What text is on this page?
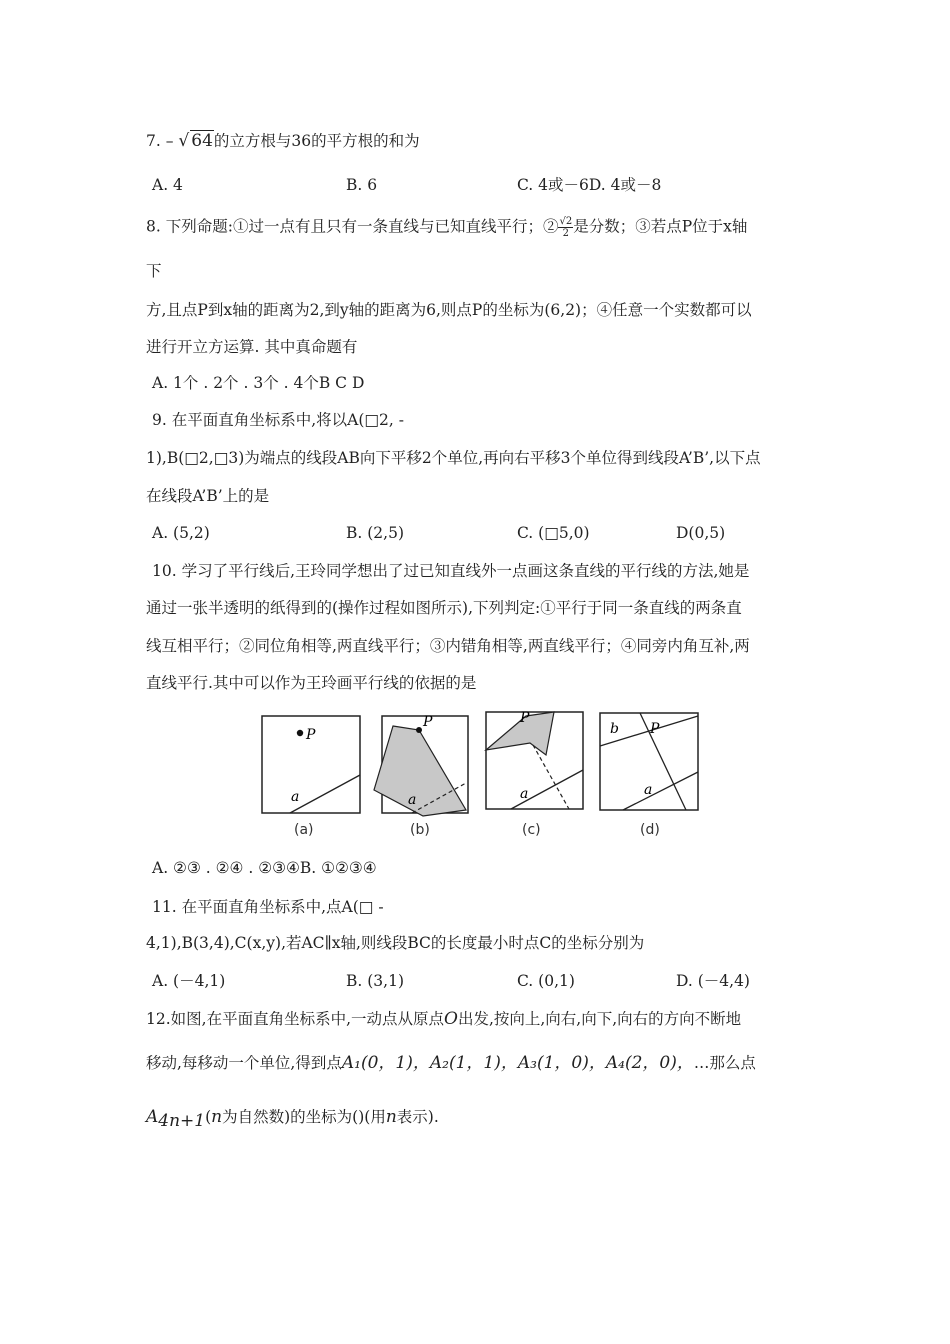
7. – √ 64的立方根与36的平方根的和为
A. 4	B. 6	C. 4或－6D. 4或－8
8. 下列命题:①过一点有且只有一条直线与已知直线平行；② $\frac{√2}{2}$ 是分数；③若点P位于x轴
下
方,且点P到x轴的距离为2,到y轴的距离为6,则点P的坐标为(6,2)；④任意一个实数都可以
进行开立方运算. 其中真命题有
A. 1个 . 2个 . 3个 . 4个B C D
9. 在平面直角坐标系中,将以A(□2, -
1),B(□2,□3)为端点的线段AB向下平移2个单位,再向右平移3个单位得到线段A’B’,以下点
在线段A’B’上的是
A. (5,2)	B. (2,5)	C. (□5,0)	D(0,5)
10. 学习了平行线后,王玲同学想出了过已知直线外一点画这条直线的平行线的方法,她是
通过一张半透明的纸得到的(操作过程如图所示),下列判定:①平行于同一条直线的两条直
线互相平行；②同位角相等,两直线平行；③内错角相等,两直线平行；④同旁内角互补,两
直线平行.其中可以作为王玲画平行线的依据的是
P
a
P
a
P
a
b P
a
(a)	(b)	(c)	(d)
A. ②③ . ②④ . ②③④B. ①②③④
11. 在平面直角坐标系中,点A(□ -
4,1),B(3,4),C(x,y),若AC∥x轴,则线段BC的长度最小时点C的坐标分别为
A. (－4,1)	B. (3,1)	C. (0,1)	D. (－4,4)
12.如图,在平面直角坐标系中,一动点从原点O出发,按向上,向右,向下,向右的方向不断地
移动,每移动一个单位,得到点A₁(0，1)，A₂(1，1)，A₃(1，0)，A₄(2，0)，…那么点
$A_{4n+1}(n$为自然数)的坐标为()(用n表示).
